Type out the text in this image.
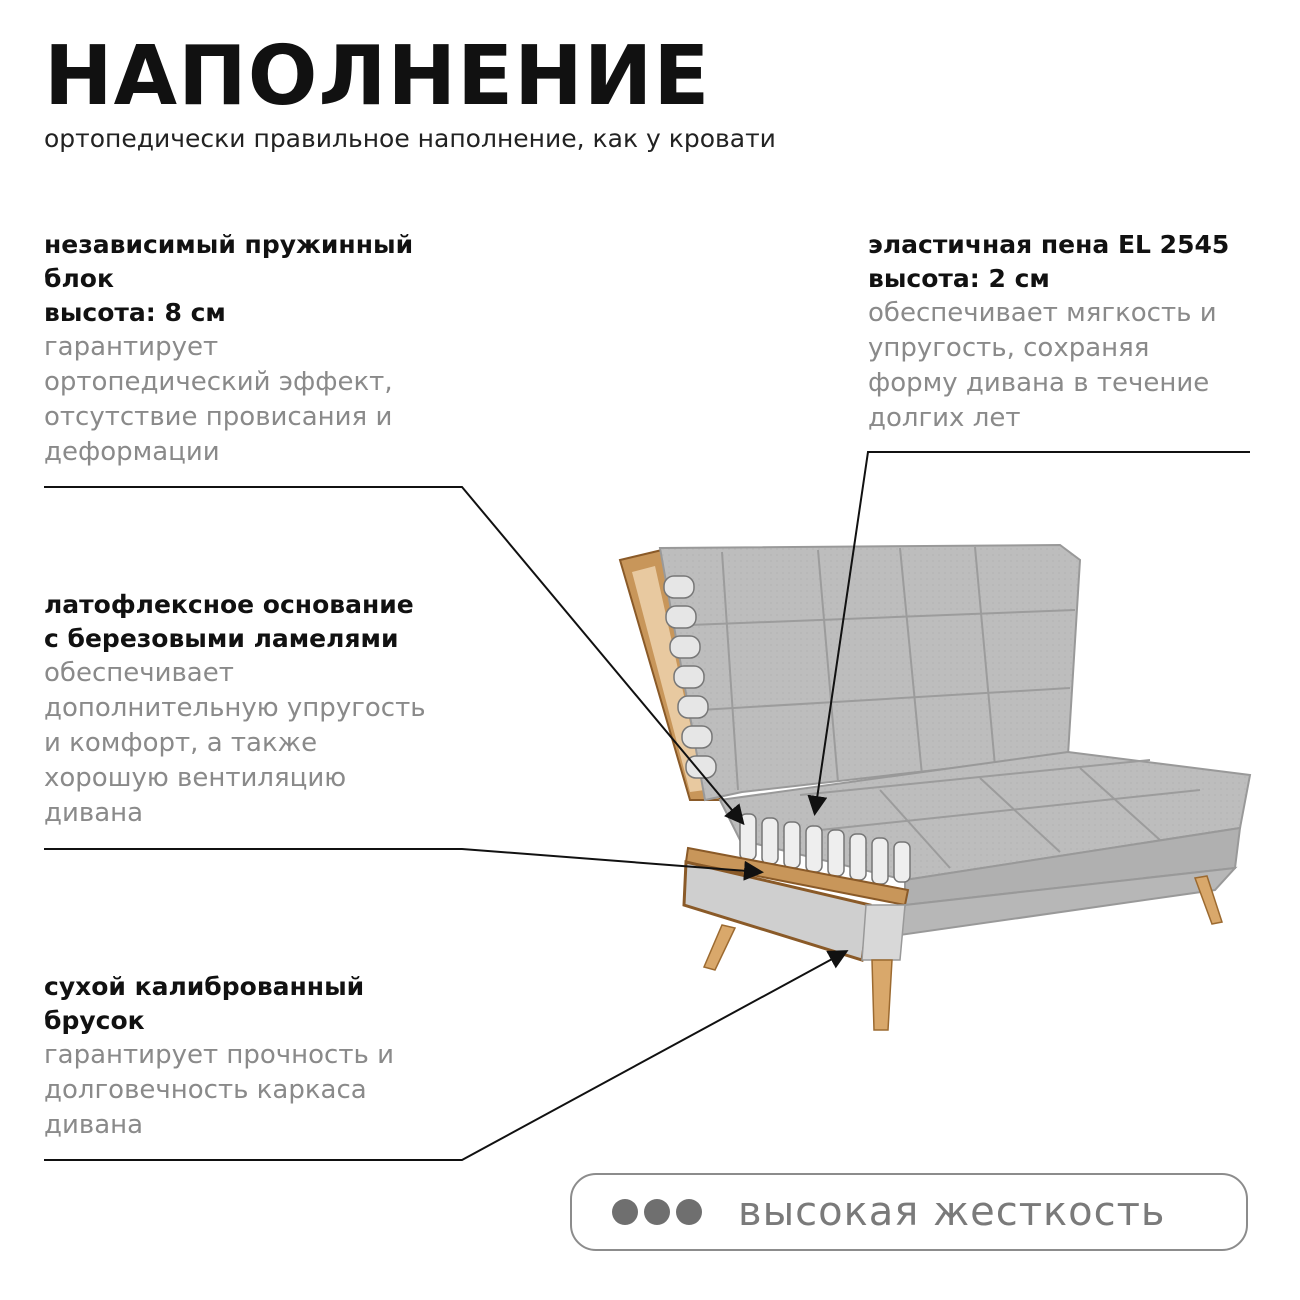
НАПОЛНЕНИЕ

ортопедически правильное наполнение, как у кровати

независимый пружинный

блок

высота: 8 см

гарантирует

ортопедический эффект,

отсутствие провисания и

деформации

эластичная пена EL 2545

высота: 2 см

обеспечивает мягкость и

упругость, сохраняя

форму дивана в течение

долгих лет

латофлексное основание

с березовыми ламелями

обеспечивает

дополнительную упругость

и комфорт, а также

хорошую вентиляцию

дивана

сухой калиброванный

брусок

гарантирует прочность и

долговечность каркаса

дивана

высокая жесткость
